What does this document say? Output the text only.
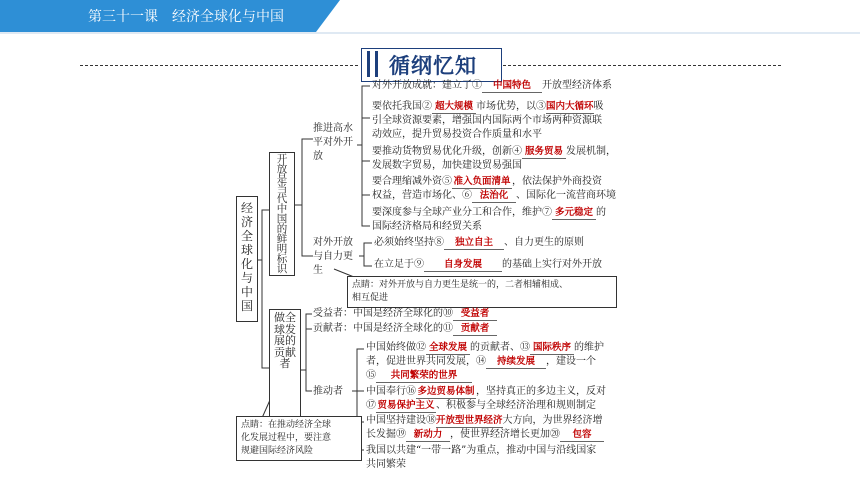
第三十一课　经济全球化与中国
循纲忆知
经
济
全
球
化
与
中
国
开
放
是
当
代
中
国
的
鲜
明
标
识
推进高水
平对外开
放
对外开放成就：建立了① 中国特色 开放型经济体系
要依托我国② 超大规模 市场优势，以③国内大循环吸
引全球资源要素，增强国内国际两个市场两种资源联
动效应，提升贸易投资合作质量和水平
要推动货物贸易优化升级，创新④ 服务贸易 发展机制，
发展数字贸易，加快建设贸易强国
要合理缩减外资⑤准入负面清单 ，依法保护外商投资
权益，营造市场化、⑥ 法治化 、国际化一流营商环境
要深度参与全球产业分工和合作，维护⑦ 多元稳定 的
国际经济格局和经贸关系
对外开放
与自力更
生
必须始终坚持⑧ 独立自主 、自力更生的原则
在立足于⑨ 自身发展 的基础上实行对外开放
点睛：对外开放与自力更生是统一的，二者相辅相成、
相互促进
做全
球发
展的
贡献
者
受益者：中国是经济全球化的⑩ 受益者
贡献者：中国是经济全球化的⑪ 贡献者
推动者
中国始终做⑫ 全球发展 的贡献者、⑬ 国际秩序 的维护
者，促进世界共同发展，⑭ 持续发展 ，建设一个
⑮ 共同繁荣的世界
中国奉行⑯多边贸易体制 ，坚持真正的多边主义，反对
⑰贸易保护主义 、积极参与全球经济治理和规则制定
中国坚持建设⑱开放型世界经济大方向，为世界经济增
长发掘⑲ 新动力 ，使世界经济增长更加⑳ 包容
我国以共建“一带一路”为重点，推动中国与沿线国家
共同繁荣
点睛：在推动经济全球
化发展过程中，要注意
规避国际经济风险
